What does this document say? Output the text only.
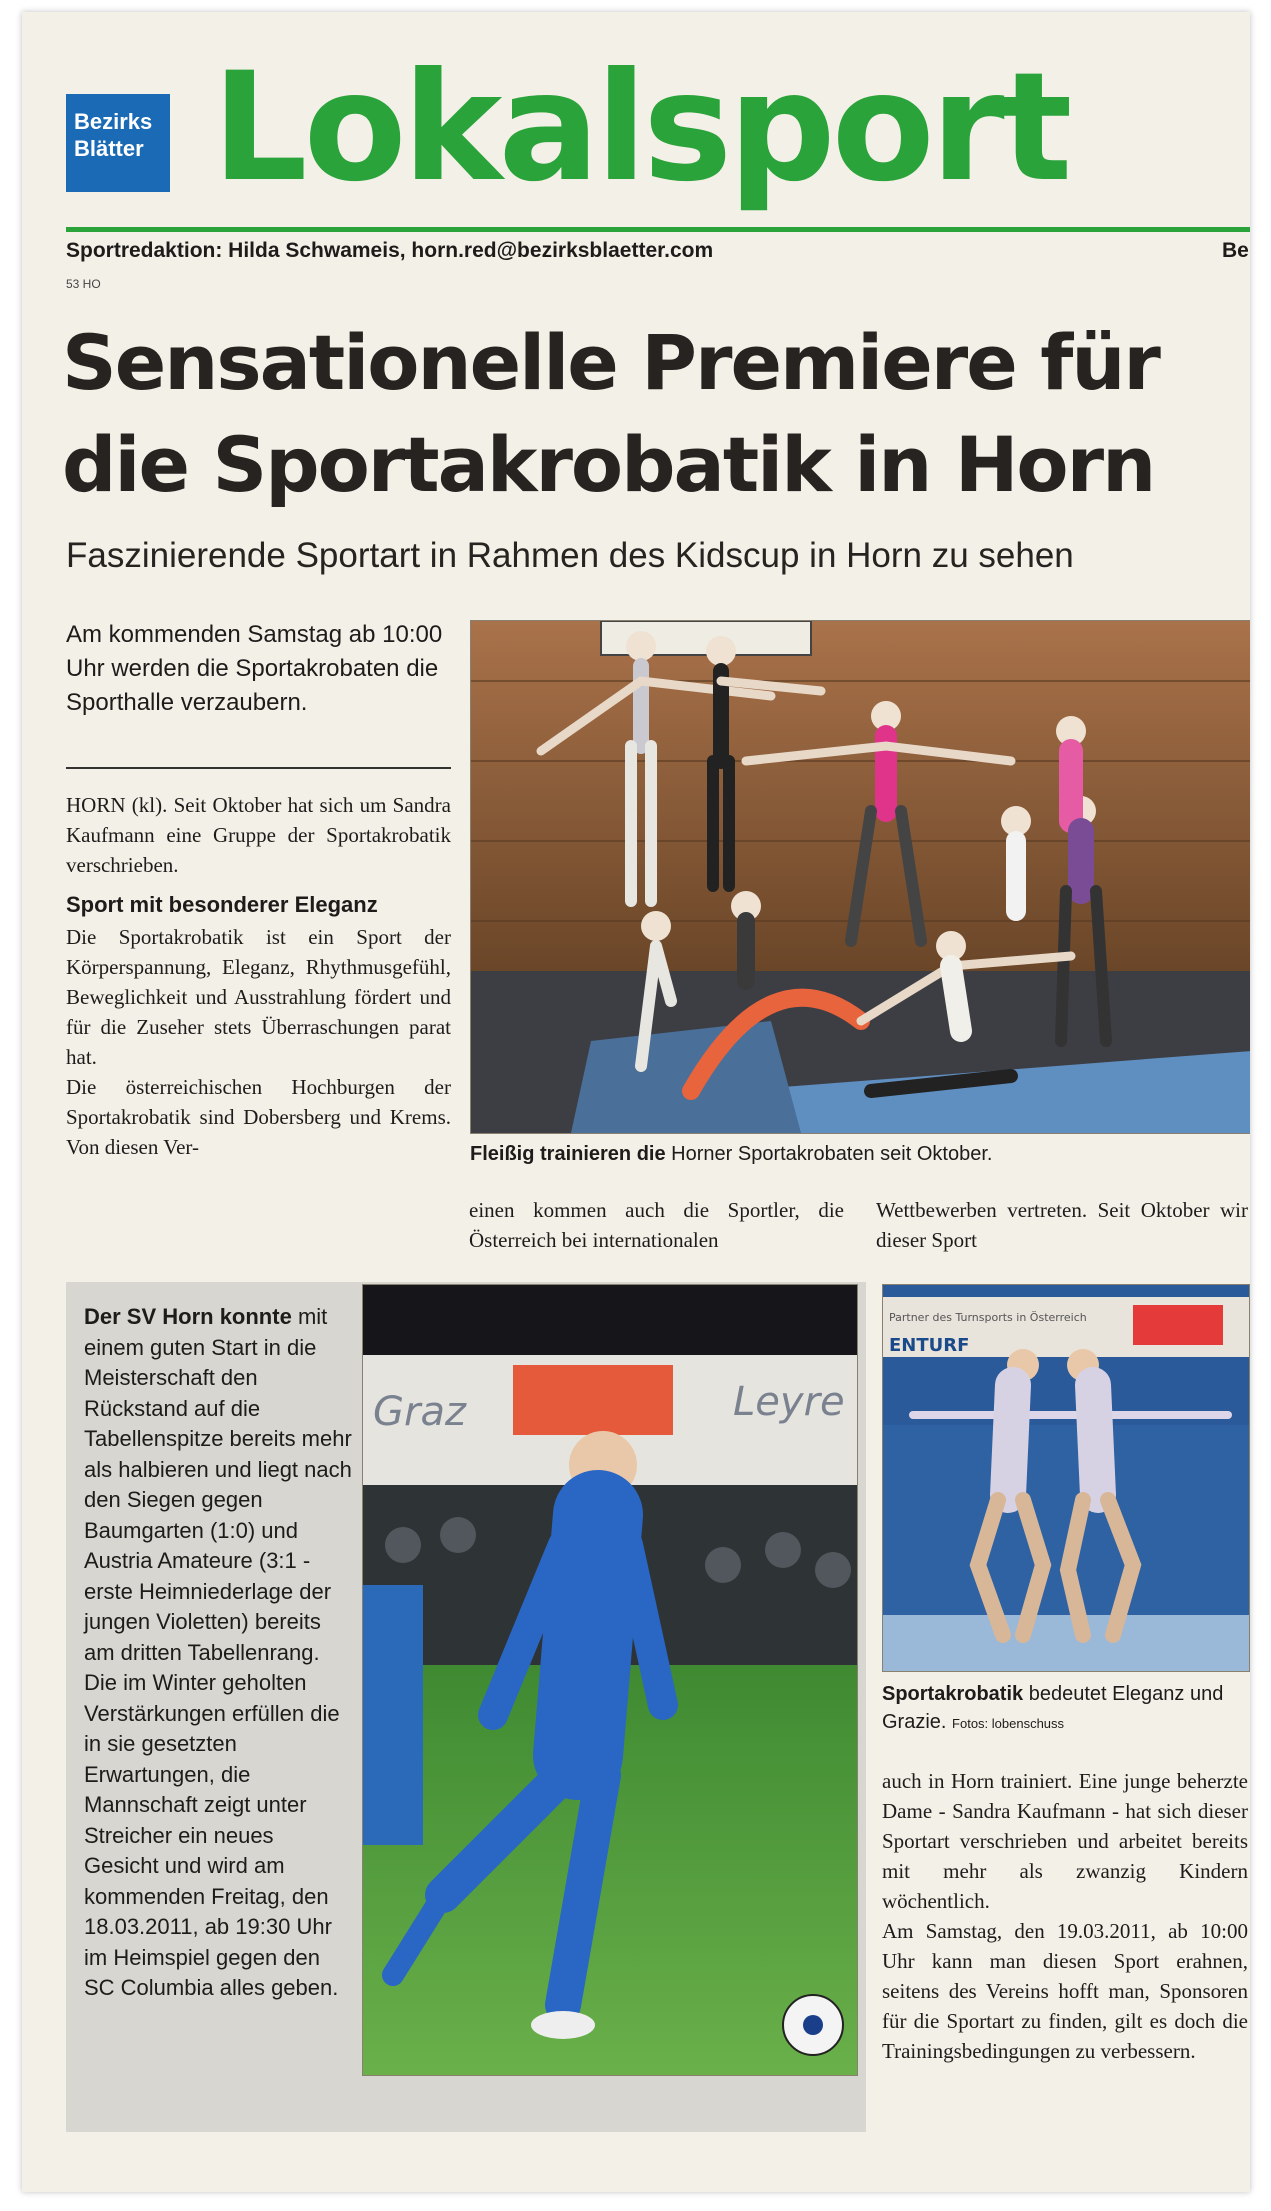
Bezirks
Blätter Lokalsport
Sportredaktion: Hilda Schwameis, horn.red@bezirksblaetter.com	Be
53 HO
Sensationelle Premiere für
die Sportakrobatik in Horn
Faszinierende Sportart in Rahmen des Kidscup in Horn zu sehen
Am kommenden Samstag ab 10:00 Uhr werden die Sportakrobaten die Sporthalle verzaubern.

HORN (kl). Seit Oktober hat sich um Sandra Kaufmann eine Gruppe der Sportakrobatik verschrieben.

Sport mit besonderer Eleganz

Die Sportakrobatik ist ein Sport der Körperspannung, Eleganz, Rhythmusgefühl, Beweglichkeit und Ausstrahlung fördert und für die Zuseher stets Überraschungen parat hat.

Die österreichischen Hochburgen der Sportakrobatik sind Dobersberg und Krems. Von diesen Ver-	Fleißig trainieren die Horner Sportakrobaten seit Oktober.

einen kommen auch die Sportler, die Österreich bei internationalen

Wettbewerben vertreten. Seit Oktober wir dieser Sport

Der SV Horn konnte mit einem guten Start in die Meisterschaft den Rückstand auf die Tabellenspitze bereits mehr als halbieren und liegt nach den Siegen gegen Baumgarten (1:0) und Austria Amateure (3:1 - erste Heimniederlage der jungen Violetten) bereits am dritten Tabellenrang. Die im Winter geholten Verstärkungen erfüllen die in sie gesetzten Erwartungen, die Mannschaft zeigt unter Streicher ein neues Gesicht und wird am kommenden Freitag, den 18.03.2011, ab 19:30 Uhr im Heimspiel gegen den SC Columbia alles geben.
Graz	Leyre
Partner des Turnsports in Österreich
ENTURF
Sportakrobatik bedeutet Eleganz und Grazie. Fotos: lobenschuss

auch in Horn trainiert. Eine junge beherzte Dame - Sandra Kaufmann - hat sich dieser Sportart verschrieben und arbeitet bereits mit mehr als zwanzig Kindern wöchentlich.

Am Samstag, den 19.03.2011, ab 10:00 Uhr kann man diesen Sport erahnen, seitens des Vereins hofft man, Sponsoren für die Sportart zu finden, gilt es doch die Trainingsbedingungen zu verbessern.
